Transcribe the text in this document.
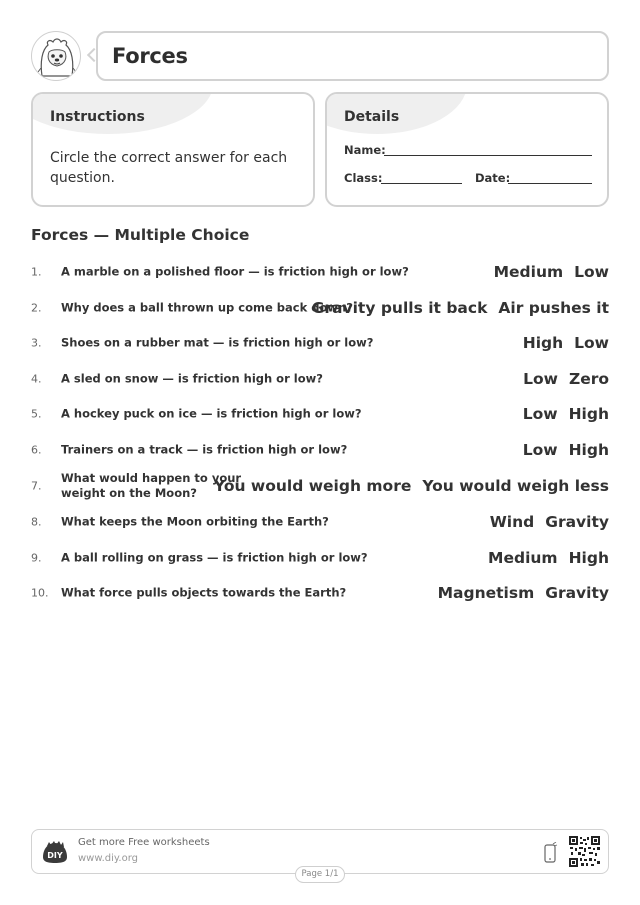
Forces
Instructions
Circle the correct answer for each question.
Details
Name:
Class:	Date:
Forces — Multiple Choice
1. A marble on a polished floor — is friction high or low?	Medium Low
2. Why does a ball thrown up come back down?
Gravity pulls it back Air pushes it
3. Shoes on a rubber mat — is friction high or low?	High Low
4. A sled on snow — is friction high or low?	Low Zero
5. A hockey puck on ice — is friction high or low?	Low High
6. Trainers on a track — is friction high or low?	Low High
7.
What would happen to your weight on the Moon?	You would weigh more You would weigh less
8. What keeps the Moon orbiting the Earth?	Wind Gravity
9. A ball rolling on grass — is friction high or low?	Medium High
10. What force pulls objects towards the Earth?	Magnetism Gravity
DIY
Get more Free worksheets
www.diy.org
Page 1/1
